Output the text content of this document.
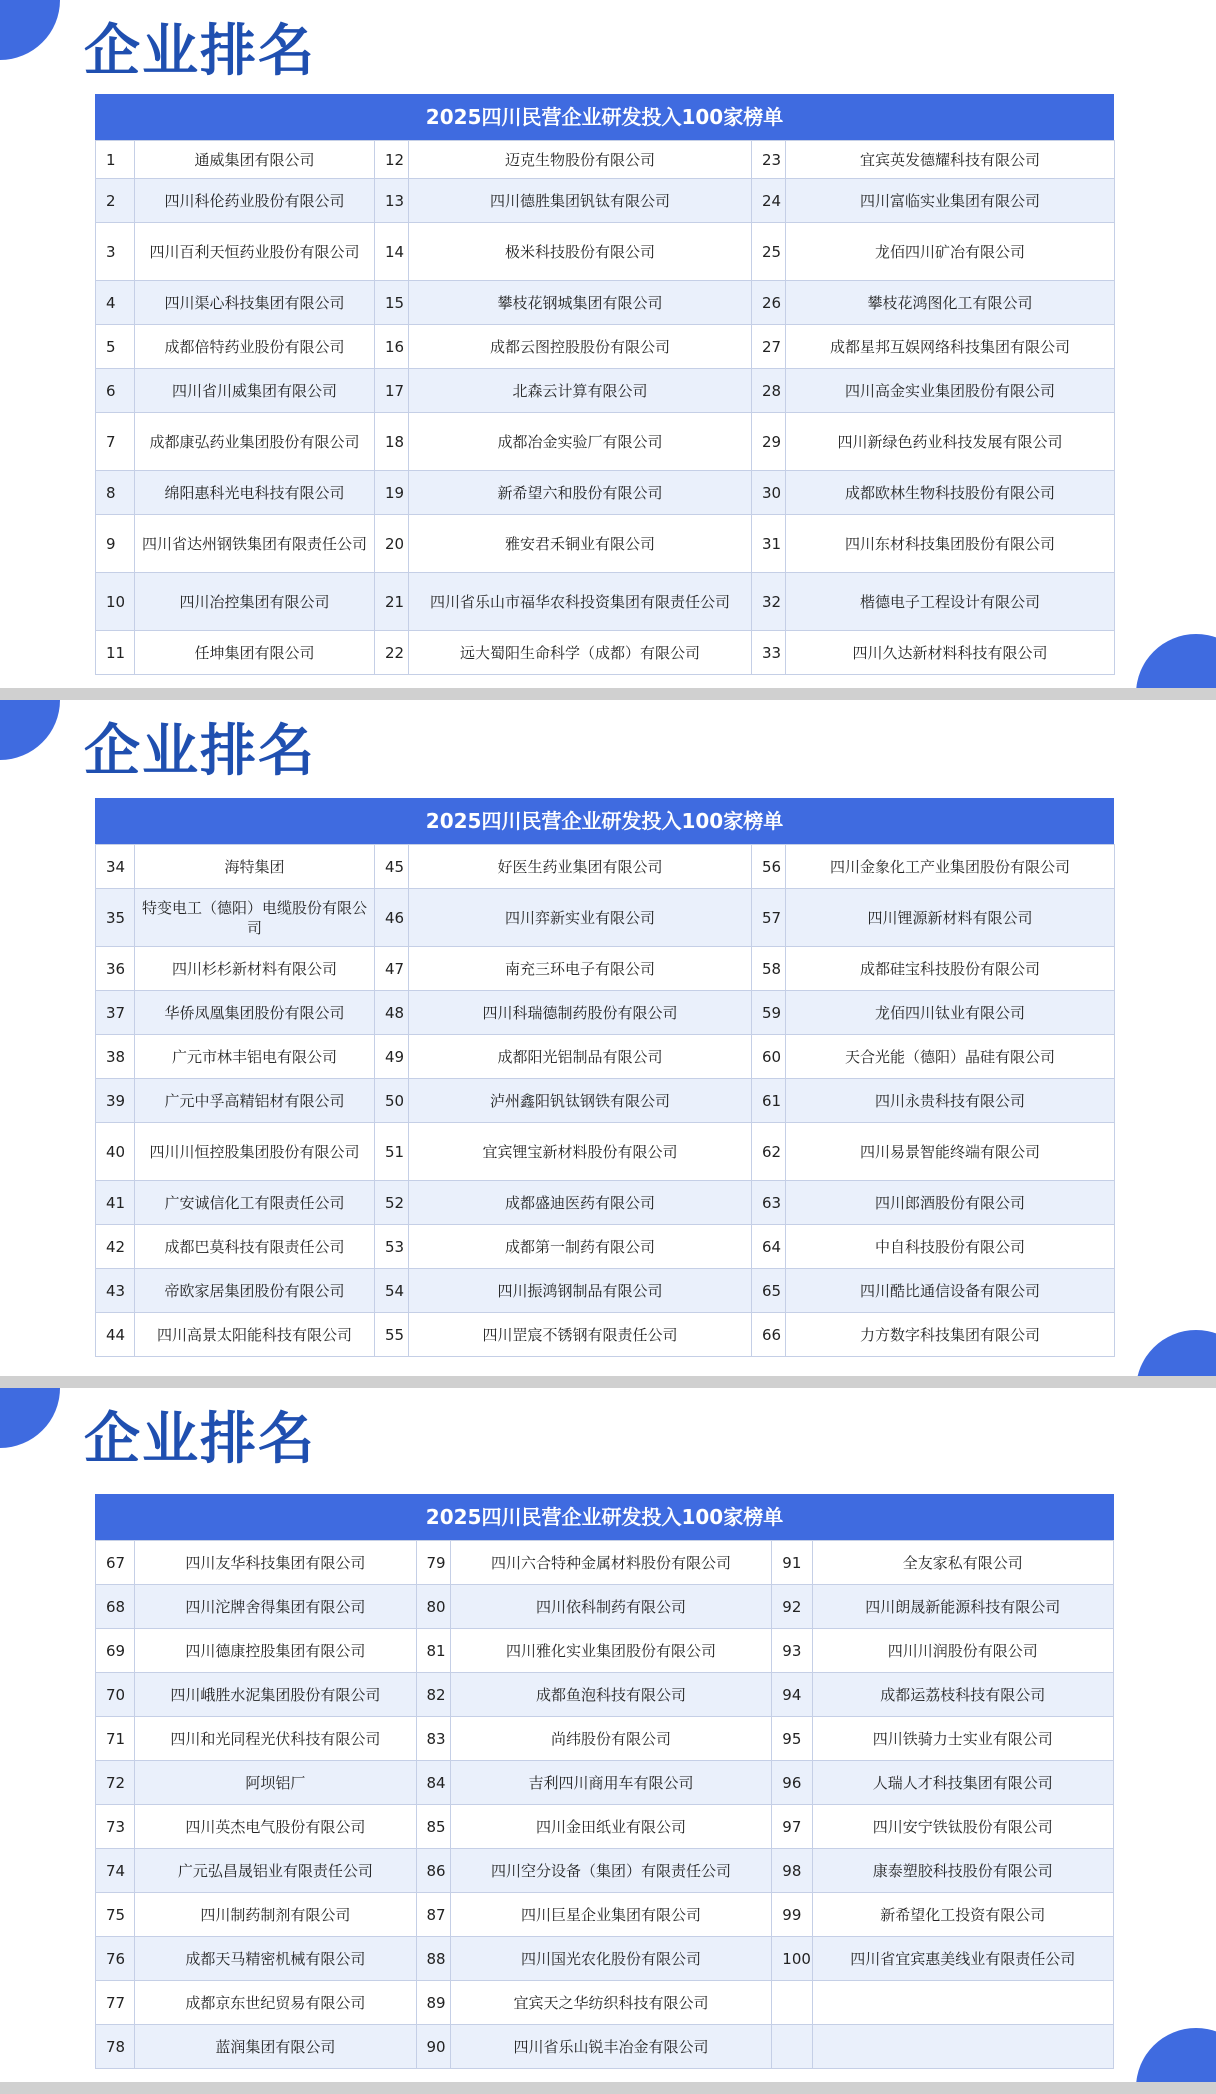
企业排名
2025四川民营企业研发投入100家榜单
1	通威集团有限公司	12	迈克生物股份有限公司	23	宜宾英发德耀科技有限公司
2	四川科伦药业股份有限公司	13	四川德胜集团钒钛有限公司	24	四川富临实业集团有限公司
3	四川百利天恒药业股份有限公司	14	极米科技股份有限公司	25	龙佰四川矿冶有限公司
4	四川渠心科技集团有限公司	15	攀枝花钢城集团有限公司	26	攀枝花鸿图化工有限公司
5	成都倍特药业股份有限公司	16	成都云图控股股份有限公司	27	成都星邦互娱网络科技集团有限公司
6	四川省川威集团有限公司	17	北森云计算有限公司	28	四川高金实业集团股份有限公司
7	成都康弘药业集团股份有限公司	18	成都冶金实验厂有限公司	29	四川新绿色药业科技发展有限公司
8	绵阳惠科光电科技有限公司	19	新希望六和股份有限公司	30	成都欧林生物科技股份有限公司
9	四川省达州钢铁集团有限责任公司	20	雅安君禾铜业有限公司	31	四川东材科技集团股份有限公司
10	四川冶控集团有限公司	21	四川省乐山市福华农科投资集团有限责任公司	32	楷德电子工程设计有限公司
11	任坤集团有限公司	22	远大蜀阳生命科学（成都）有限公司	33	四川久达新材料科技有限公司
企业排名
2025四川民营企业研发投入100家榜单
34	海特集团	45	好医生药业集团有限公司	56	四川金象化工产业集团股份有限公司
35	特变电工（德阳）电缆股份有限公司	46	四川弈新实业有限公司	57	四川锂源新材料有限公司
36	四川杉杉新材料有限公司	47	南充三环电子有限公司	58	成都硅宝科技股份有限公司
37	华侨凤凰集团股份有限公司	48	四川科瑞德制药股份有限公司	59	龙佰四川钛业有限公司
38	广元市林丰铝电有限公司	49	成都阳光铝制品有限公司	60	天合光能（德阳）晶硅有限公司
39	广元中孚高精铝材有限公司	50	泸州鑫阳钒钛钢铁有限公司	61	四川永贵科技有限公司
40	四川川恒控股集团股份有限公司	51	宜宾锂宝新材料股份有限公司	62	四川易景智能终端有限公司
41	广安诚信化工有限责任公司	52	成都盛迪医药有限公司	63	四川郎酒股份有限公司
42	成都巴莫科技有限责任公司	53	成都第一制药有限公司	64	中自科技股份有限公司
43	帝欧家居集团股份有限公司	54	四川振鸿钢制品有限公司	65	四川酷比通信设备有限公司
44	四川高景太阳能科技有限公司	55	四川罡宸不锈钢有限责任公司	66	力方数字科技集团有限公司
企业排名
2025四川民营企业研发投入100家榜单
67	四川友华科技集团有限公司	79	四川六合特种金属材料股份有限公司	91	全友家私有限公司
68	四川沱牌舍得集团有限公司	80	四川依科制药有限公司	92	四川朗晟新能源科技有限公司
69	四川德康控股集团有限公司	81	四川雅化实业集团股份有限公司	93	四川川润股份有限公司
70	四川峨胜水泥集团股份有限公司	82	成都鱼泡科技有限公司	94	成都运荔枝科技有限公司
71	四川和光同程光伏科技有限公司	83	尚纬股份有限公司	95	四川铁骑力士实业有限公司
72	阿坝铝厂	84	吉利四川商用车有限公司	96	人瑞人才科技集团有限公司
73	四川英杰电气股份有限公司	85	四川金田纸业有限公司	97	四川安宁铁钛股份有限公司
74	广元弘昌晟铝业有限责任公司	86	四川空分设备（集团）有限责任公司	98	康泰塑胶科技股份有限公司
75	四川制药制剂有限公司	87	四川巨星企业集团有限公司	99	新希望化工投资有限公司
76	成都天马精密机械有限公司	88	四川国光农化股份有限公司	100	四川省宜宾惠美线业有限责任公司
77	成都京东世纪贸易有限公司	89	宜宾天之华纺织科技有限公司		
78	蓝润集团有限公司	90	四川省乐山锐丰冶金有限公司		
